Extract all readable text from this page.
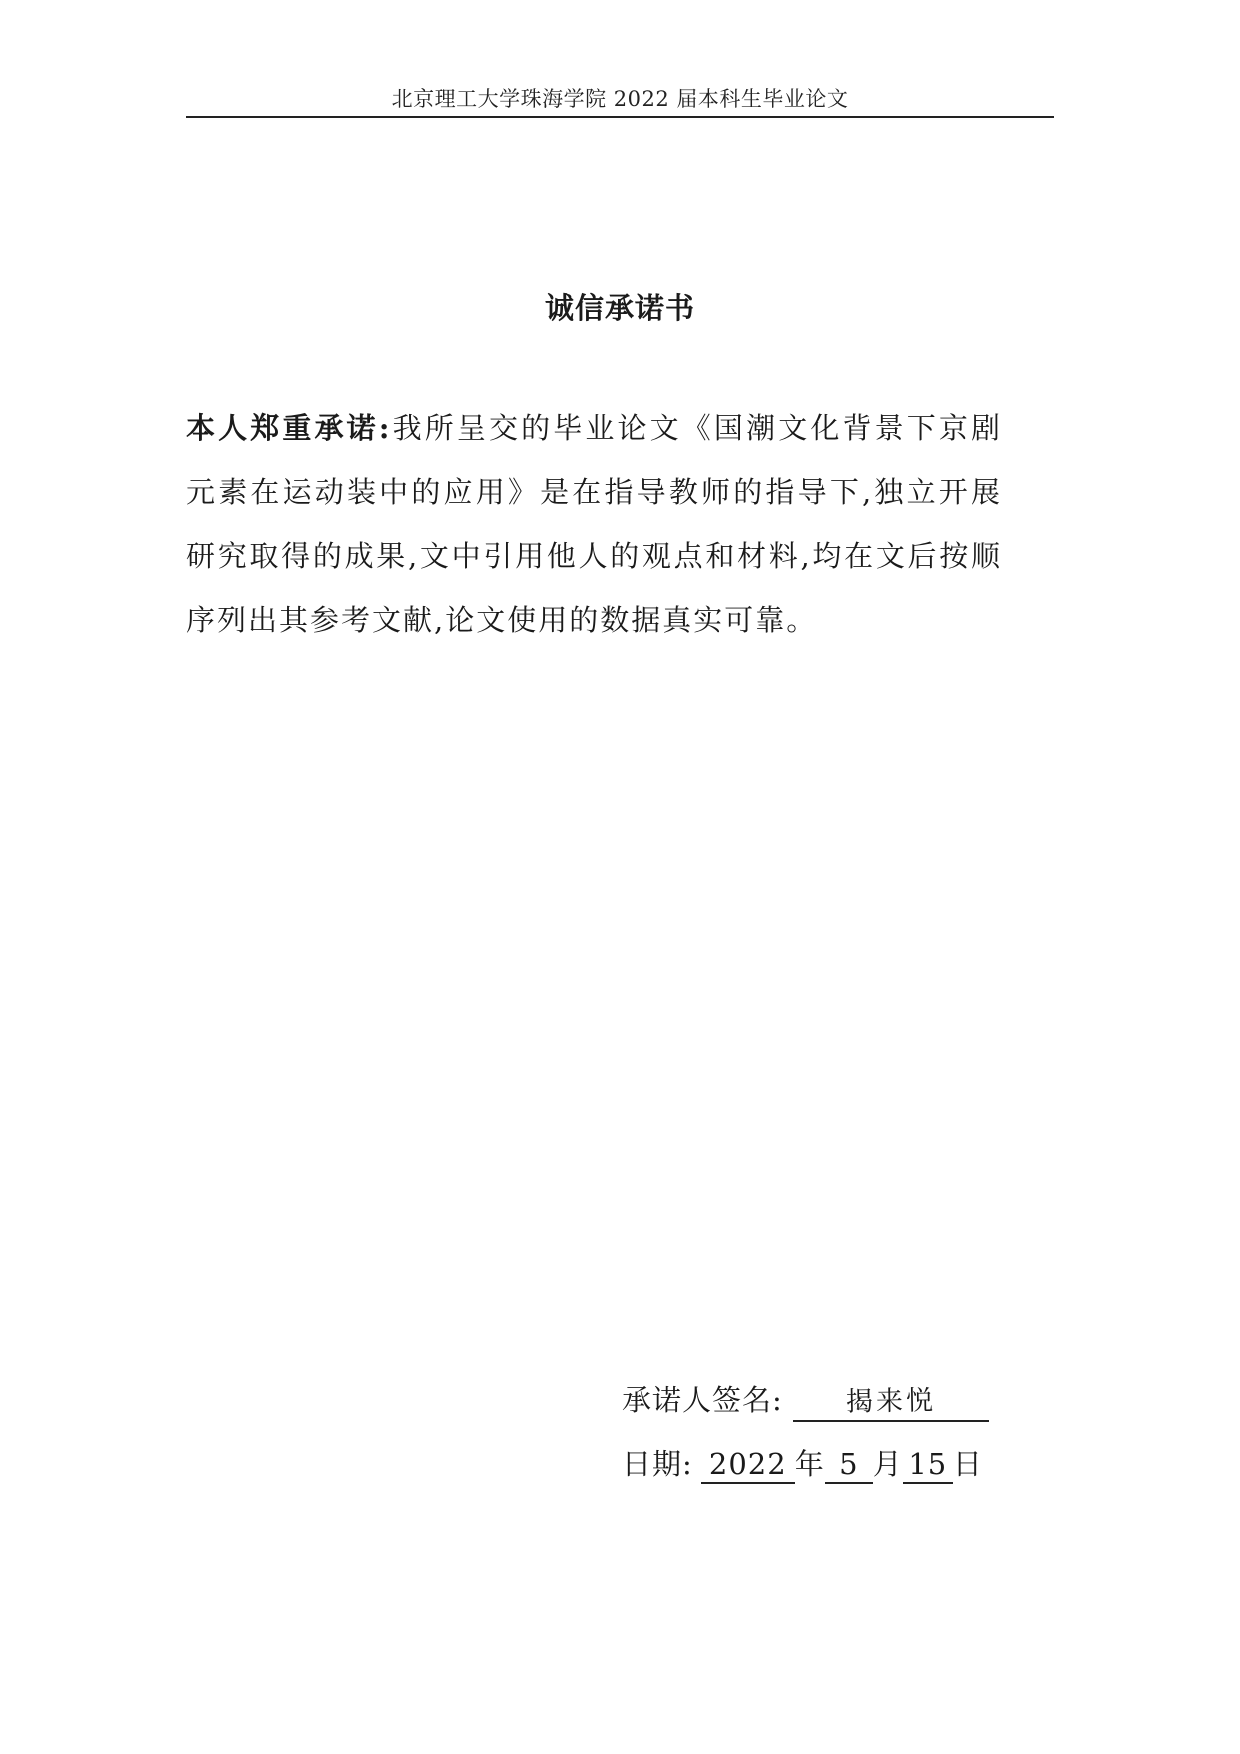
北京理工大学珠海学院 2022 届本科生毕业论文
诚信承诺书
本人郑重承诺:我所呈交的毕业论文《国潮文化背景下京剧元素在运动装中的应用》是在指导教师的指导下,独立开展研究取得的成果,文中引用他人的观点和材料,均在文后按顺序列出其参考文献,论文使用的数据真实可靠。
承诺人签名: 揭来悦
日期: 2022 年 5 月 15 日
